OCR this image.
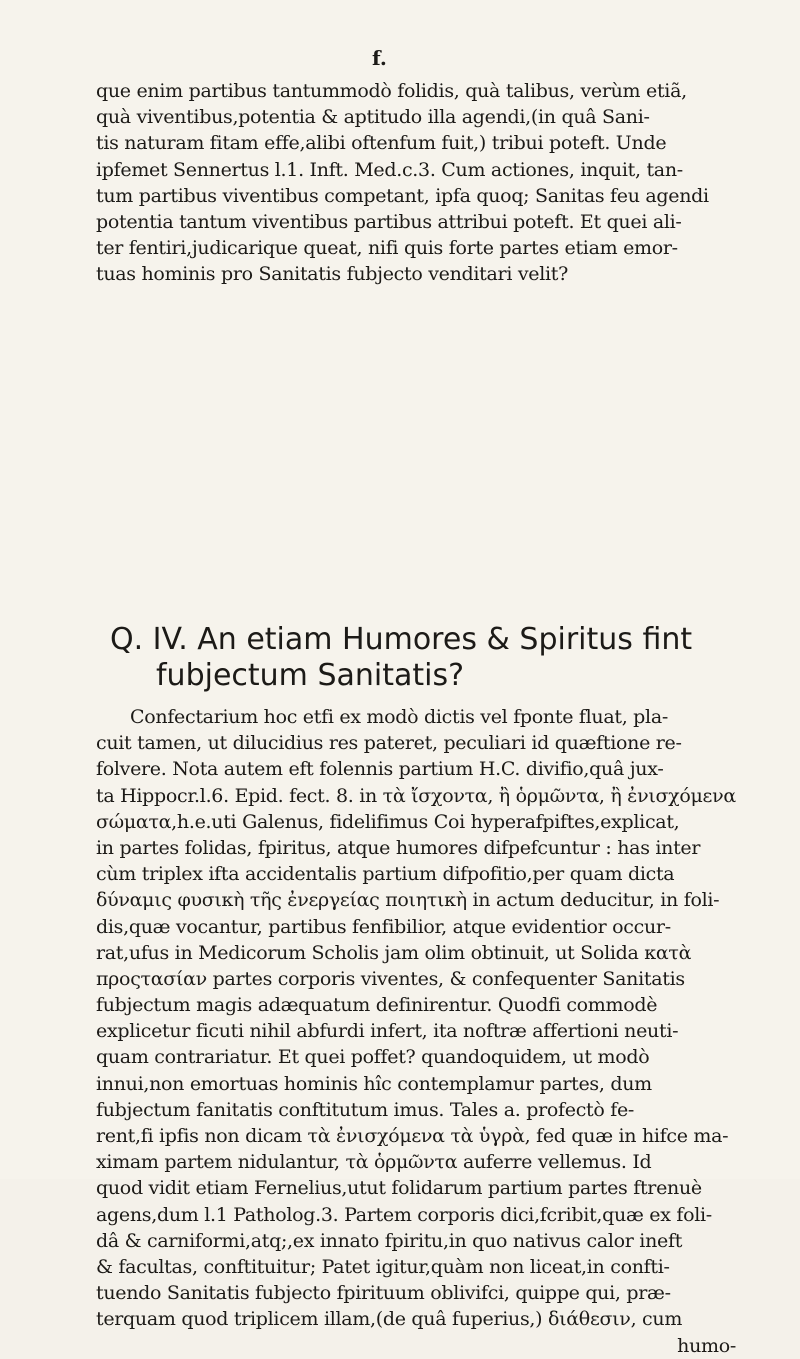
f.
que enim partibus tantummodò folidis, quà talibus, verùm etiã,
quà viventibus,potentia & aptitudo illa agendi,(in quâ Sani-
tis naturam fitam effe,alibi oftenfum fuit,) tribui poteft. Unde
ipfemet Sennertus l.1. Inft. Med.c.3. Cum actiones, inquit, tan-
tum partibus viventibus competant, ipfa quoq; Sanitas feu agendi
potentia tantum viventibus partibus attribui poteft. Et quei ali-
ter fentiri,judicarique queat, nifi quis forte partes etiam emor-
tuas hominis pro Sanitatis fubjecto venditari velit?
Q. IV. An etiam Humores & Spiritus fint
fubjectum Sanitatis?
Confectarium hoc etfi ex modò dictis vel fponte fluat, pla-
cuit tamen, ut dilucidius res pateret, peculiari id quæftione re-
folvere. Nota autem eft folennis partium H.C. divifio,quâ jux-
ta Hippocr.l.6. Epid. fect. 8. in τὰ ἴσχοντα, ἢ ὁρμῶντα, ἢ ἐνισχόμενα
σώματα,h.e.uti Galenus, fidelifimus Coi hyperafpiftes,explicat,
in partes folidas, fpiritus, atque humores difpefcuntur : has inter
cùm triplex ifta accidentalis partium difpofitio,per quam dicta
δύναμις φυσικὴ τῆς ἐνεργείας ποιητικὴ in actum deducitur, in foli-
dis,quæ vocantur, partibus fenfibilior, atque evidentior occur-
rat,ufus in Medicorum Scholis jam olim obtinuit, ut Solida κατὰ
προςτασίαν partes corporis viventes, & confequenter Sanitatis
fubjectum magis adæquatum definirentur. Quodfi commodè
explicetur ficuti nihil abfurdi infert, ita noftræ affertioni neuti-
quam contrariatur. Et quei poffet? quandoquidem, ut modò
innui,non emortuas hominis hîc contemplamur partes, dum
fubjectum fanitatis conftitutum imus. Tales a. profectò fe-
rent,fi ipfis non dicam τὰ ἐνισχόμενα τὰ ὑγρὰ, fed quæ in hifce ma-
ximam partem nidulantur, τὰ ὁρμῶντα auferre vellemus. Id
quod vidit etiam Fernelius,utut folidarum partium partes ftrenuè
agens,dum l.1 Patholog.3. Partem corporis dici,fcribit,quæ ex foli-
dâ & carniformi,atq;,ex innato fpiritu,in quo nativus calor ineft
& facultas, conftituitur; Patet igitur,quàm non liceat,in confti-
tuendo Sanitatis fubjecto fpirituum oblivifci, quippe qui, præ-
terquam quod triplicem illam,(de quâ fuperius,) διάθεσιν, cum
humo-
